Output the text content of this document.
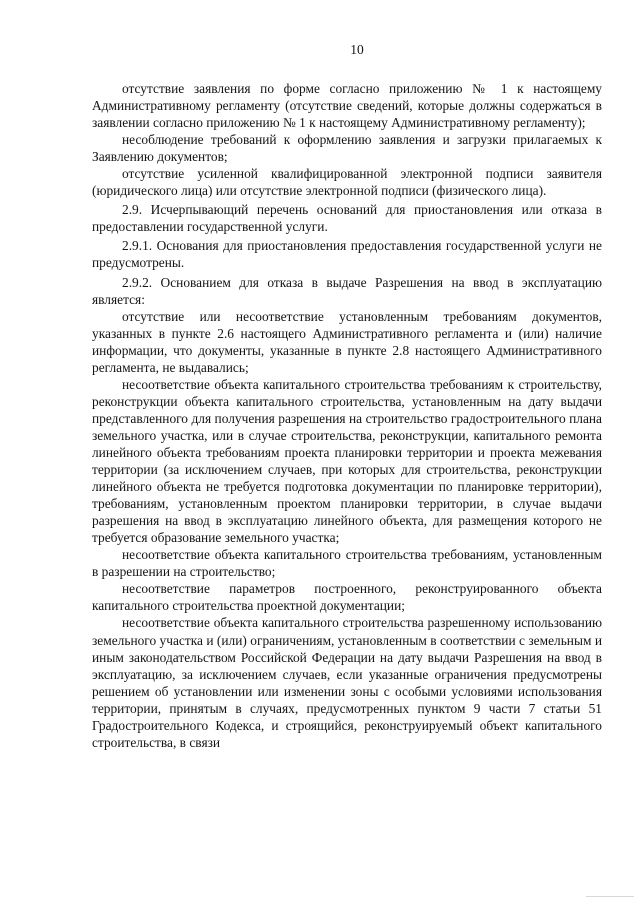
10

отсутствие заявления по форме согласно приложению № 1 к настоящему Административному регламенту (отсутствие сведений, которые должны содержаться в заявлении согласно приложению № 1 к настоящему Административному регламенту);

несоблюдение требований к оформлению заявления и загрузки прилагаемых к Заявлению документов;

отсутствие усиленной квалифицированной электронной подписи заявителя (юридического лица) или отсутствие электронной подписи (физического лица).

2.9. Исчерпывающий перечень оснований для приостановления или отказа в предоставлении государственной услуги.

2.9.1. Основания для приостановления предоставления государственной услуги не предусмотрены.

2.9.2. Основанием для отказа в выдаче Разрешения на ввод в эксплуатацию является:

отсутствие или несоответствие установленным требованиям документов, указанных в пункте 2.6 настоящего Административного регламента и (или) наличие информации, что документы, указанные в пункте 2.8 настоящего Административного регламента, не выдавались;

несоответствие объекта капитального строительства требованиям к строительству, реконструкции объекта капитального строительства, установленным на дату выдачи представленного для получения разрешения на строительство градостроительного плана земельного участка, или в случае строительства, реконструкции, капитального ремонта линейного объекта требованиям проекта планировки территории и проекта межевания территории (за исключением случаев, при которых для строительства, реконструкции линейного объекта не требуется подготовка документации по планировке территории), требованиям, установленным проектом планировки территории, в случае выдачи разрешения на ввод в эксплуатацию линейного объекта, для размещения которого не требуется образование земельного участка;

несоответствие объекта капитального строительства требованиям, установленным в разрешении на строительство;

несоответствие параметров построенного, реконструированного объекта капитального строительства проектной документации;

несоответствие объекта капитального строительства разрешенному использованию земельного участка и (или) ограничениям, установленным в соответствии с земельным и иным законодательством Российской Федерации на дату выдачи Разрешения на ввод в эксплуатацию, за исключением случаев, если указанные ограничения предусмотрены решением об установлении или изменении зоны с особыми условиями использования территории, принятым в случаях, предусмотренных пунктом 9 части 7 статьи 51 Градостроительного Кодекса, и строящийся, реконструируемый объект капитального строительства, в связи
